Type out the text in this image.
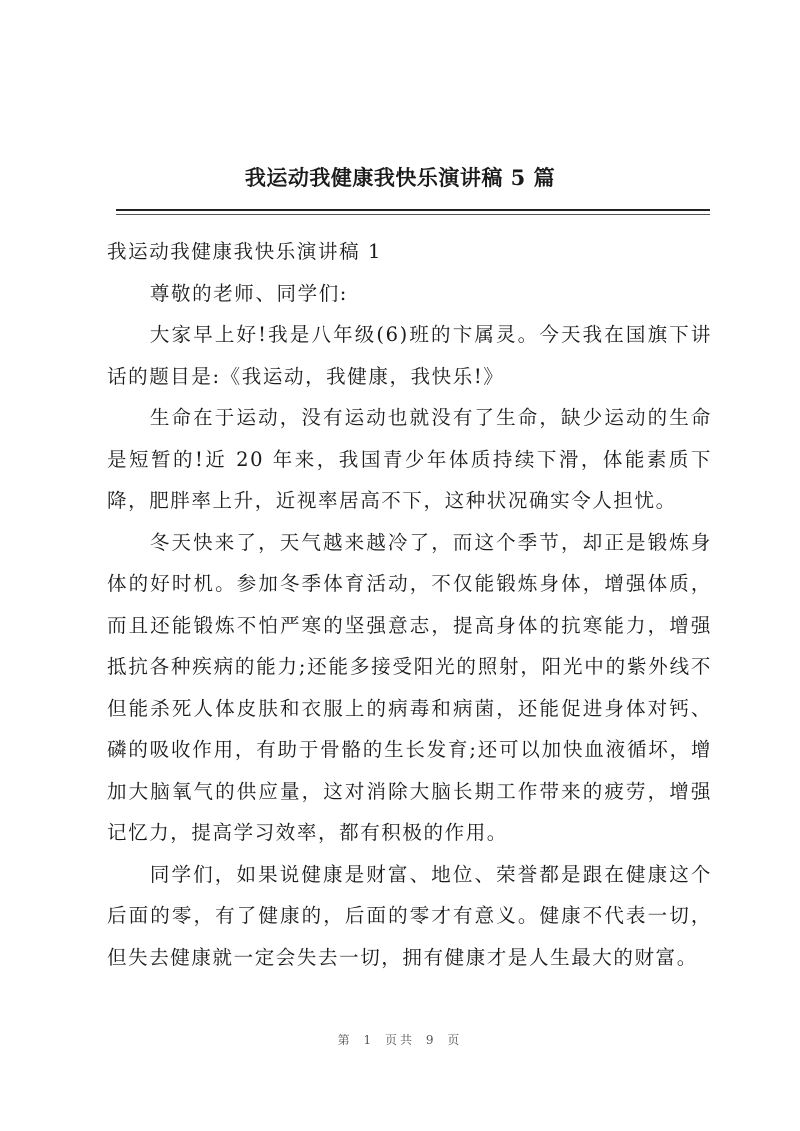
我运动我健康我快乐演讲稿 5 篇

我运动我健康我快乐演讲稿 1

尊敬的老师、同学们:

大家早上好!我是八年级(6)班的卞属灵。今天我在国旗下讲话的题目是:《我运动，我健康，我快乐!》

生命在于运动，没有运动也就没有了生命，缺少运动的生命是短暂的!近 20 年来，我国青少年体质持续下滑，体能素质下降，肥胖率上升，近视率居高不下，这种状况确实令人担忧。

冬天快来了，天气越来越冷了，而这个季节，却正是锻炼身体的好时机。参加冬季体育活动，不仅能锻炼身体，增强体质，而且还能锻炼不怕严寒的坚强意志，提高身体的抗寒能力，增强抵抗各种疾病的能力;还能多接受阳光的照射，阳光中的紫外线不但能杀死人体皮肤和衣服上的病毒和病菌，还能促进身体对钙、磷的吸收作用，有助于骨骼的生长发育;还可以加快血液循坏，增加大脑氧气的供应量，这对消除大脑长期工作带来的疲劳，增强记忆力，提高学习效率，都有积极的作用。

同学们，如果说健康是财富、地位、荣誉都是跟在健康这个后面的零，有了健康的，后面的零才有意义。健康不代表一切，但失去健康就一定会失去一切，拥有健康才是人生最大的财富。

第 1 页共 9 页
